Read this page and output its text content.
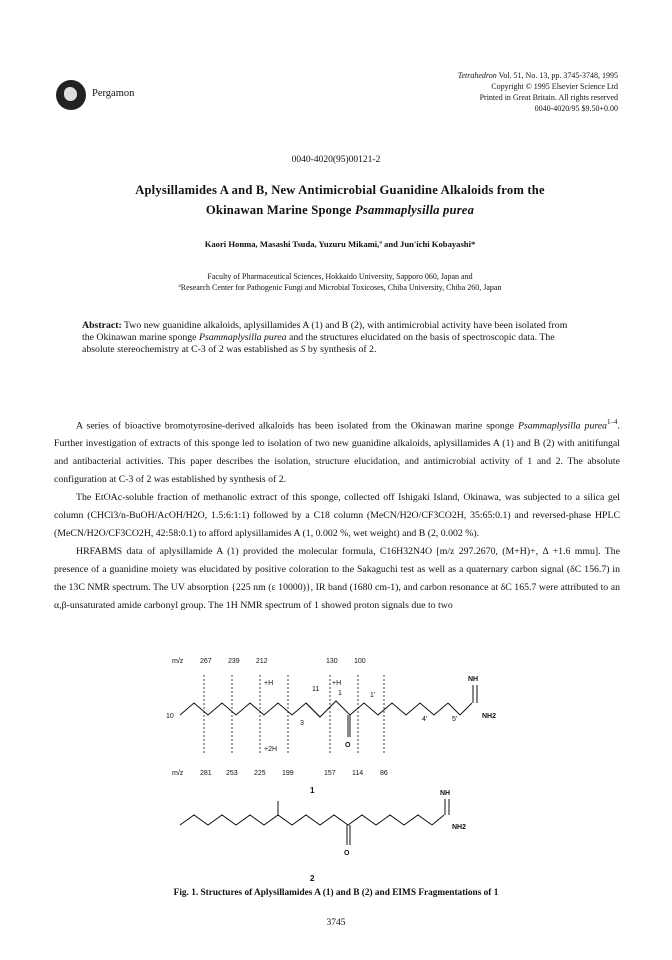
Pergamon
Tetrahedron Vol. 51, No. 13, pp. 3745-3748, 1995
Copyright © 1995 Elsevier Science Ltd
Printed in Great Britain. All rights reserved
0040-4020/95 $9.50+0.00
0040-4020(95)00121-2
Aplysillamides A and B, New Antimicrobial Guanidine Alkaloids from the
Okinawan Marine Sponge Psammaplysilla purea
Kaori Honma, Masashi Tsuda, Yuzuru Mikami,ª and Jun'ichi Kobayashi*
Faculty of Pharmaceutical Sciences, Hokkaido University, Sapporo 060, Japan and
ªResearch Center for Pathogenic Fungi and Microbial Toxicoses, Chiba University, Chiba 260, Japan
Abstract: Two new guanidine alkaloids, aplysillamides A (1) and B (2), with antimicrobial activity have been isolated from the Okinawan marine sponge Psammaplysilla purea and the structures elucidated on the basis of spectroscopic data. The absolute stereochemistry at C-3 of 2 was established as S by synthesis of 2.

A series of bioactive bromotyrosine-derived alkaloids has been isolated from the Okinawan marine sponge Psammaplysilla purea$^{1-4}$. Further investigation of extracts of this sponge led to isolation of two new guanidine alkaloids, aplysillamides A (1) and B (2) with anitifungal and antibacterial activities. This paper describes the isolation, structure elucidation, and antimicrobial activity of 1 and 2. The absolute configuration at C-3 of 2 was established by synthesis of 2.

The EtOAc-soluble fraction of methanolic extract of this sponge, collected off Ishigaki Island, Okinawa, was subjected to a silica gel column (CHCl3/n-BuOH/AcOH/H2O, 1.5:6:1:1) followed by a C18 column (MeCN/H2O/CF3CO2H, 35:65:0.1) and reversed-phase HPLC (MeCN/H2O/CF3CO2H, 42:58:0.1) to afford aplysillamides A (1, 0.002 %, wet weight) and B (2, 0.002 %).

HRFABMS data of aplysillamide A (1) provided the molecular formula, C16H32N4O [m/z 297.2670, (M+H)+, Δ +1.6 mmu]. The presence of a guanidine moiety was elucidated by positive coloration to the Sakaguchi test as well as a quaternary carbon signal (δC 156.7) in the 13C NMR spectrum. The UV absorption {225 nm (ε 10000)}, IR band (1680 cm-1), and carbon resonance at δC 165.7 were attributed to an α,β-unsaturated amide carbonyl group. The 1H NMR spectrum of 1 showed proton signals due to two

m/z 267 239 212	130 100
+H	+H
+2H
10
3
1	1'
4'	5'
11
NH
NH2
O
m/z 281 253 225 199	157 114 86
1	NH
NH2
O
2
Fig. 1. Structures of Aplysillamides A (1) and B (2) and EIMS Fragmentations of 1
3745
